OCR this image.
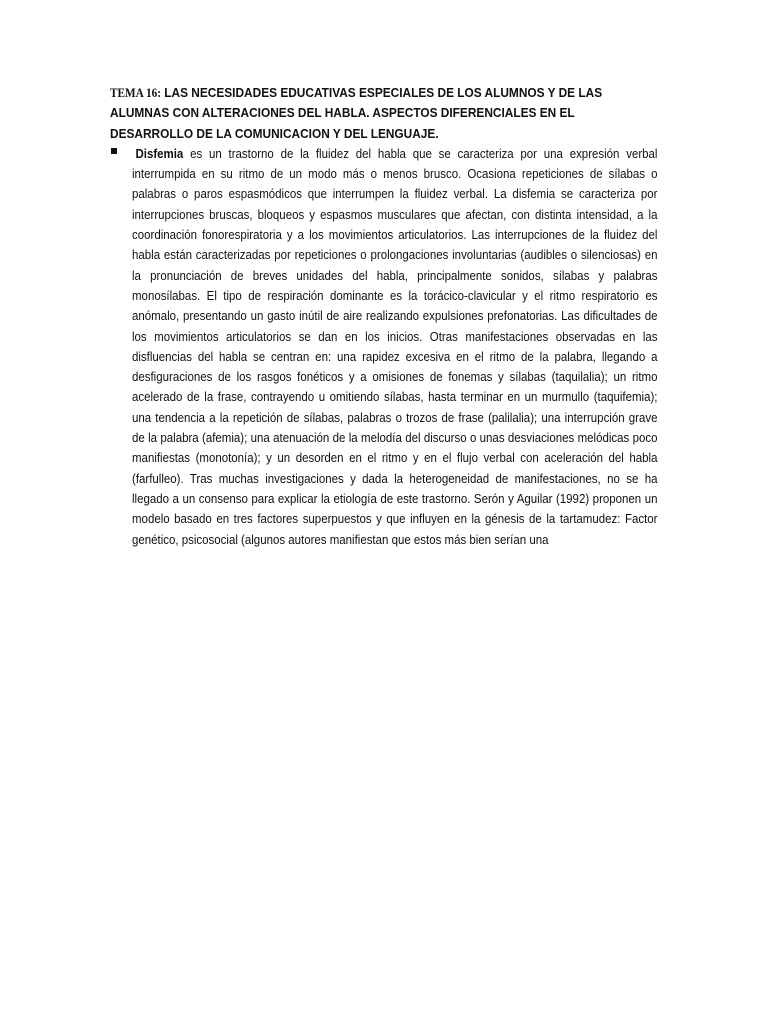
TEMA 16: LAS NECESIDADES EDUCATIVAS ESPECIALES DE LOS ALUMNOS Y DE LAS ALUMNAS CON ALTERACIONES DEL HABLA. ASPECTOS DIFERENCIALES EN EL DESARROLLO DE LA COMUNICACION Y DEL LENGUAJE.

Disfemia es un trastorno de la fluidez del habla que se caracteriza por una expresión verbal interrumpida en su ritmo de un modo más o menos brusco. Ocasiona repeticiones de sílabas o palabras o paros espasmódicos que interrumpen la fluidez verbal. La disfemia se caracteriza por interrupciones bruscas, bloqueos y espasmos musculares que afectan, con distinta intensidad, a la coordinación fonorespiratoria y a los movimientos articulatorios. Las interrupciones de la fluidez del habla están caracterizadas por repeticiones o prolongaciones involuntarias (audibles o silenciosas) en la pronunciación de breves unidades del habla, principalmente sonidos, sílabas y palabras monosílabas. El tipo de respiración dominante es la torácico-clavicular y el ritmo respiratorio es anómalo, presentando un gasto inútil de aire realizando expulsiones prefonatorias. Las dificultades de los movimientos articulatorios se dan en los inicios. Otras manifestaciones observadas en las disfluencias del habla se centran en: una rapidez excesiva en el ritmo de la palabra, llegando a desfiguraciones de los rasgos fonéticos y a omisiones de fonemas y sílabas (taquilalia); un ritmo acelerado de la frase, contrayendo u omitiendo sílabas, hasta terminar en un murmullo (taquifemia); una tendencia a la repetición de sílabas, palabras o trozos de frase (palilalia); una interrupción grave de la palabra (afemia); una atenuación de la melodía del discurso o unas desviaciones melódicas poco manifiestas (monotonía); y un desorden en el ritmo y en el flujo verbal con aceleración del habla (farfulleo). Tras muchas investigaciones y dada la heterogeneidad de manifestaciones, no se ha llegado a un consenso para explicar la etiología de este trastorno. Serón y Aguilar (1992) proponen un modelo basado en tres factores superpuestos y que influyen en la génesis de la tartamudez: Factor genético, psicosocial (algunos autores manifiestan que estos más bien serían una
